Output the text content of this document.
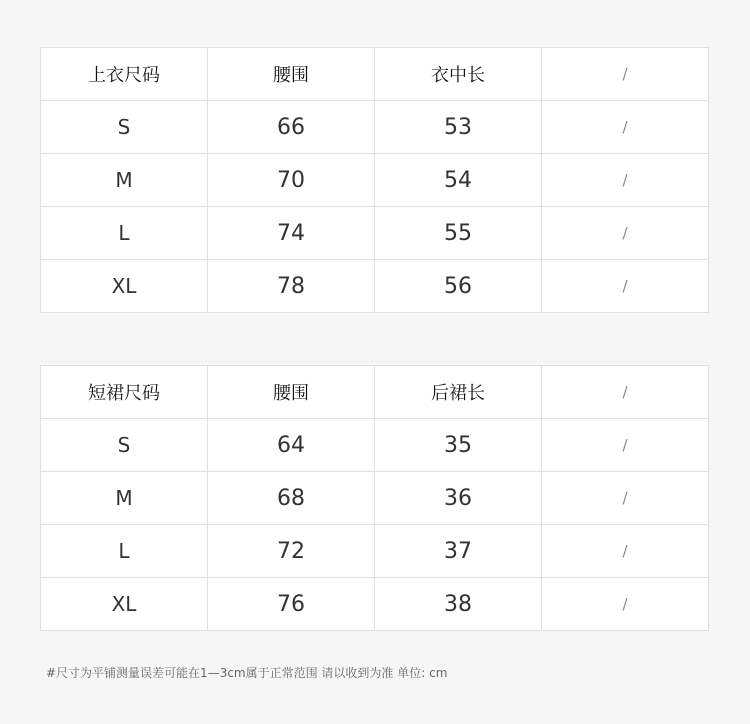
上衣尺码	腰围	衣中长	/
S	66	53	/
M	70	54	/
L	74	55	/
XL	78	56	/
短裙尺码	腰围	后裙长	/
S	64	35	/
M	68	36	/
L	72	37	/
XL	76	38	/
#尺寸为平铺测量误差可能在1—3cm属于正常范围 请以收到为准 单位: cm
